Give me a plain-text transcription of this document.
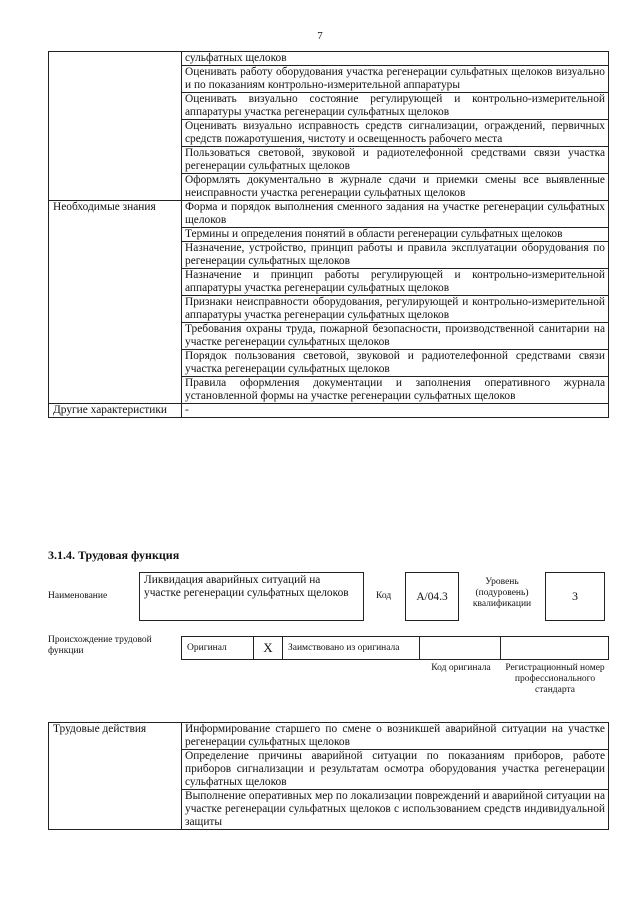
7
	сульфатных щелоков
	Оценивать работу оборудования участка регенерации сульфатных щелоков визуально и по показаниям контрольно-измерительной аппаратуры
	Оценивать визуально состояние регулирующей и контрольно-измерительной аппаратуры участка регенерации сульфатных щелоков
	Оценивать визуально исправность средств сигнализации, ограждений, первичных средств пожаротушения, чистоту и освещенность рабочего места
	Пользоваться световой, звуковой и радиотелефонной средствами связи участка регенерации сульфатных щелоков
	Оформлять документально в журнале сдачи и приемки смены все выявленные неисправности участка регенерации сульфатных щелоков
Необходимые знания	Форма и порядок выполнения сменного задания на участке регенерации сульфатных щелоков
	Термины и определения понятий в области регенерации сульфатных щелоков
	Назначение, устройство, принцип работы и правила эксплуатации оборудования по регенерации сульфатных щелоков
	Назначение и принцип работы регулирующей и контрольно-измерительной аппаратуры участка регенерации сульфатных щелоков
	Признаки неисправности оборудования, регулирующей и контрольно-измерительной аппаратуры участка регенерации сульфатных щелоков
	Требования охраны труда, пожарной безопасности, производственной санитарии на участке регенерации сульфатных щелоков
	Порядок пользования световой, звуковой и радиотелефонной средствами связи участка регенерации сульфатных щелоков
	Правила оформления документации и заполнения оперативного журнала установленной формы на участке регенерации сульфатных щелоков
Другие характеристики	-
3.1.4. Трудовая функция
Наименование
Ликвидация аварийных ситуаций на участке регенерации сульфатных щелоков	Код	А/04.3
Уровень (подуровень) квалификации
3
Происхождение трудовой функции	Оригинал	X	Заимствовано из оригинала
Код оригинала	Регистрационный номер профессионального стандарта
Трудовые действия	Информирование старшего по смене о возникшей аварийной ситуации на участке регенерации сульфатных щелоков
Определение причины аварийной ситуации по показаниям приборов, работе приборов сигнализации и результатам осмотра оборудования участка регенерации сульфатных щелоков
Выполнение оперативных мер по локализации повреждений и аварийной ситуации на участке регенерации сульфатных щелоков с использованием средств индивидуальной защиты
